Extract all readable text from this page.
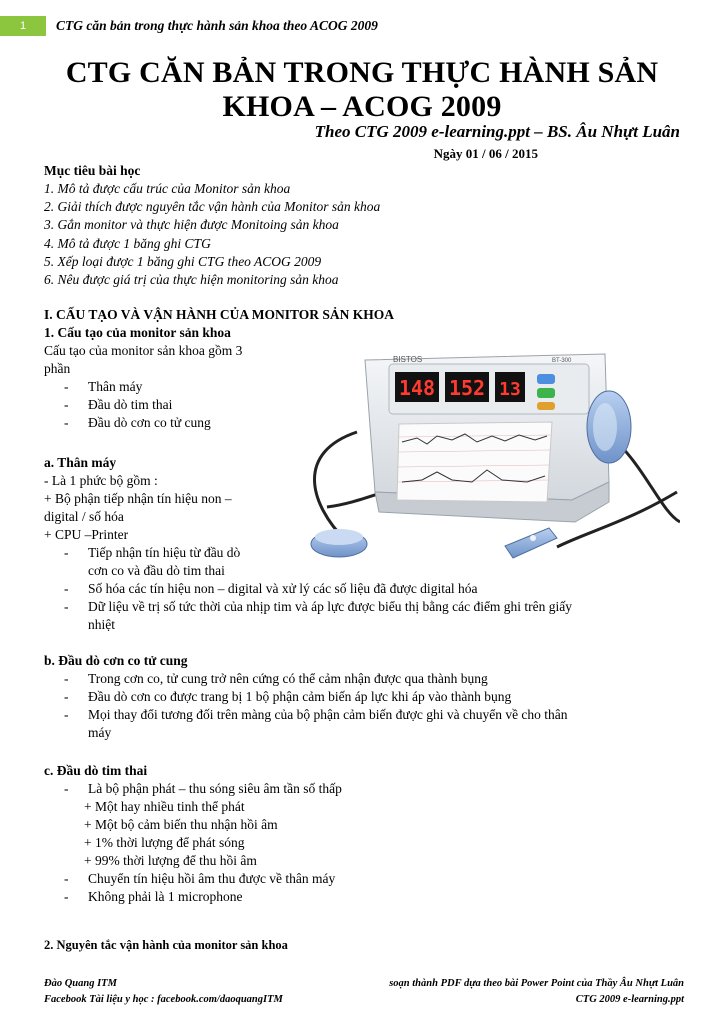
1	CTG căn bản trong thực hành sản khoa theo ACOG 2009
CTG CĂN BẢN TRONG THỰC HÀNH SẢN
KHOA – ACOG 2009
Theo CTG 2009 e-learning.ppt – BS. Âu Nhựt Luân
Ngày 01 / 06 / 2015
Mục tiêu bài học
1. Mô tả được cấu trúc của Monitor sản khoa
2. Giải thích được nguyên tắc vận hành của Monitor sản khoa
3. Gắn monitor và thực hiện được Monitoing sản khoa
4. Mô tả được 1 băng ghi CTG
5. Xếp loại được 1 băng ghi CTG theo ACOG 2009
6. Nêu được giá trị của thực hiện monitoring sản khoa
I. CẤU TẠO VÀ VẬN HÀNH CỦA MONITOR SẢN KHOA
1. Cấu tạo của monitor sản khoa
Cấu tạo của monitor sản khoa gồm 3
phần
- Thân máy
- Đầu dò tim thai
- Đầu dò cơn co tử cung
BISTOS	BT-300
148 152 13
a. Thân máy
- Là 1 phức bộ gồm :
+ Bộ phận tiếp nhận tín hiệu non –
digital / số hóa
+ CPU –Printer
- Tiếp nhận tín hiệu từ đầu dò
cơn co và đầu dò tim thai
- Số hóa các tín hiệu non – digital và xử lý các số liệu đã được digital hóa
- Dữ liệu về trị số tức thời của nhịp tim và áp lực được biểu thị bằng các điểm ghi trên giấy
nhiệt
b. Đầu dò cơn co tử cung
- Trong cơn co, tử cung trở nên cứng có thể cảm nhận được qua thành bụng
- Đầu dò cơn co được trang bị 1 bộ phận cảm biến áp lực khi áp vào thành bụng
- Mọi thay đổi tương đối trên màng của bộ phận cảm biến được ghi và chuyển về cho thân
máy
c. Đầu dò tim thai
- Là bộ phận phát – thu sóng siêu âm tần số thấp
+ Một hay nhiều tinh thể phát
+ Một bộ cảm biến thu nhận hồi âm
+ 1% thời lượng để phát sóng
+ 99% thời lượng để thu hồi âm
- Chuyển tín hiệu hồi âm thu được về thân máy
- Không phải là 1 microphone
2. Nguyên tắc vận hành của monitor sản khoa
Đào Quang ITM	soạn thành PDF dựa theo bài Power Point của Thầy Âu Nhựt Luân
Facebook Tài liệu y học : facebook.com/daoquangITM	CTG 2009 e-learning.ppt
